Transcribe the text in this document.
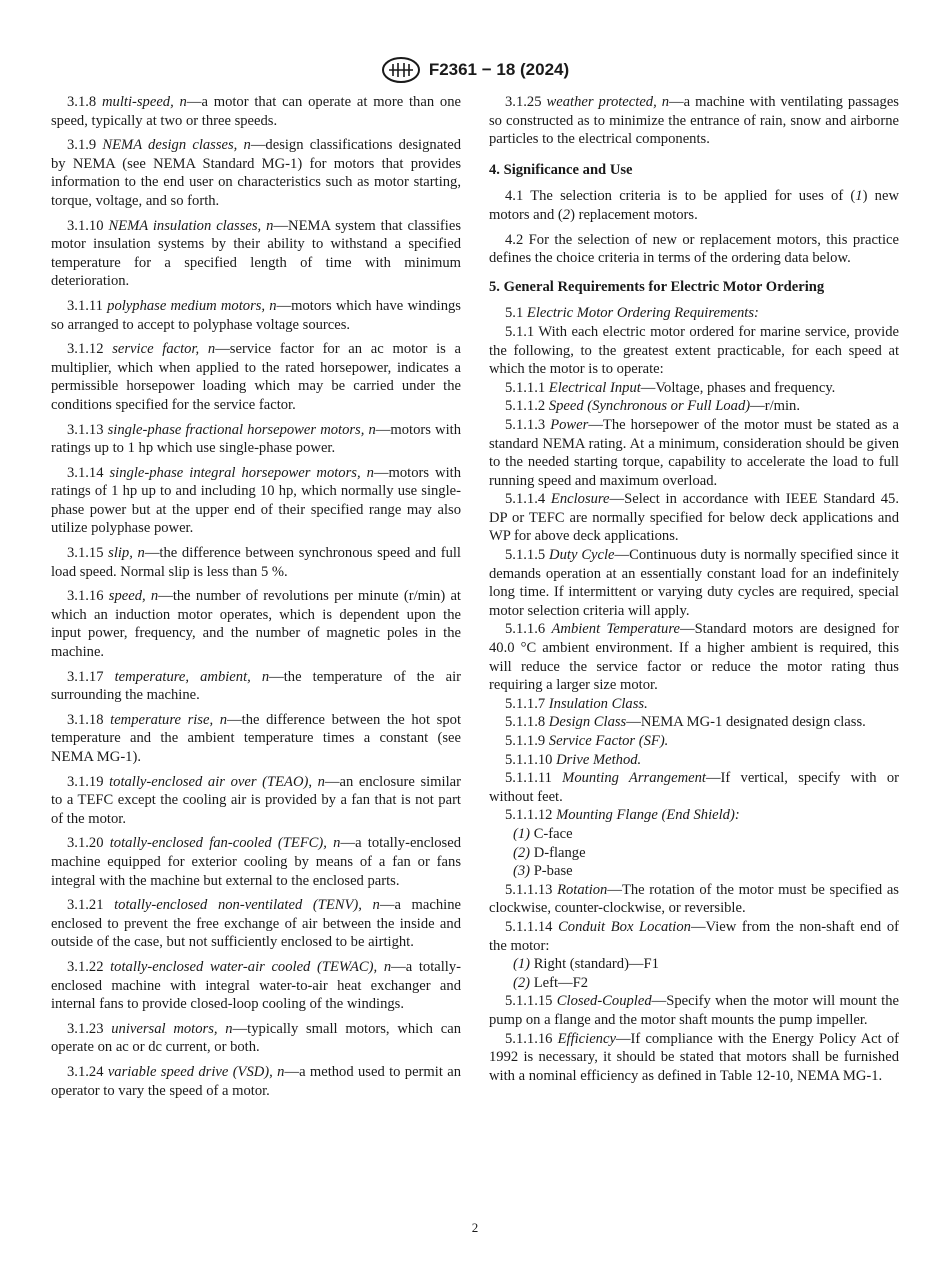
F2361 − 18 (2024)

3.1.8 multi-speed, n—a motor that can operate at more than one speed, typically at two or three speeds.

3.1.9 NEMA design classes, n—design classifications designated by NEMA (see NEMA Standard MG-1) for motors that provides information to the end user on characteristics such as motor starting, torque, voltage, and so forth.

3.1.10 NEMA insulation classes, n—NEMA system that classifies motor insulation systems by their ability to withstand a specified temperature for a specified length of time with minimum deterioration.

3.1.11 polyphase medium motors, n—motors which have windings so arranged to accept to polyphase voltage sources.

3.1.12 service factor, n—service factor for an ac motor is a multiplier, which when applied to the rated horsepower, indicates a permissible horsepower loading which may be carried under the conditions specified for the service factor.

3.1.13 single-phase fractional horsepower motors, n—motors with ratings up to 1 hp which use single-phase power.

3.1.14 single-phase integral horsepower motors, n—motors with ratings of 1 hp up to and including 10 hp, which normally use single-phase power but at the upper end of their specified range may also utilize polyphase power.

3.1.15 slip, n—the difference between synchronous speed and full load speed. Normal slip is less than 5 %.

3.1.16 speed, n—the number of revolutions per minute (r/min) at which an induction motor operates, which is dependent upon the input power, frequency, and the number of magnetic poles in the machine.

3.1.17 temperature, ambient, n—the temperature of the air surrounding the machine.

3.1.18 temperature rise, n—the difference between the hot spot temperature and the ambient temperature times a constant (see NEMA MG-1).

3.1.19 totally-enclosed air over (TEAO), n—an enclosure similar to a TEFC except the cooling air is provided by a fan that is not part of the motor.

3.1.20 totally-enclosed fan-cooled (TEFC), n—a totally-enclosed machine equipped for exterior cooling by means of a fan or fans integral with the machine but external to the enclosed parts.

3.1.21 totally-enclosed non-ventilated (TENV), n—a machine enclosed to prevent the free exchange of air between the inside and outside of the case, but not sufficiently enclosed to be airtight.

3.1.22 totally-enclosed water-air cooled (TEWAC), n—a totally-enclosed machine with integral water-to-air heat exchanger and internal fans to provide closed-loop cooling of the windings.

3.1.23 universal motors, n—typically small motors, which can operate on ac or dc current, or both.

3.1.24 variable speed drive (VSD), n—a method used to permit an operator to vary the speed of a motor.

3.1.25 weather protected, n—a machine with ventilating passages so constructed as to minimize the entrance of rain, snow and airborne particles to the electrical components.

4. Significance and Use

4.1 The selection criteria is to be applied for uses of (1) new motors and (2) replacement motors.

4.2 For the selection of new or replacement motors, this practice defines the choice criteria in terms of the ordering data below.

5. General Requirements for Electric Motor Ordering

5.1 Electric Motor Ordering Requirements:

5.1.1 With each electric motor ordered for marine service, provide the following, to the greatest extent practicable, for each speed at which the motor is to operate:

5.1.1.1 Electrical Input—Voltage, phases and frequency.

5.1.1.2 Speed (Synchronous or Full Load)—r/min.

5.1.1.3 Power—The horsepower of the motor must be stated as a standard NEMA rating. At a minimum, consideration should be given to the needed starting torque, capability to accelerate the load to full running speed and maximum overload.

5.1.1.4 Enclosure—Select in accordance with IEEE Standard 45. DP or TEFC are normally specified for below deck applications and WP for above deck applications.

5.1.1.5 Duty Cycle—Continuous duty is normally specified since it demands operation at an essentially constant load for an indefinitely long time. If intermittent or varying duty cycles are required, special motor selection criteria will apply.

5.1.1.6 Ambient Temperature—Standard motors are designed for 40.0 °C ambient environment. If a higher ambient is required, this will reduce the service factor or reduce the motor rating thus requiring a larger size motor.

5.1.1.7 Insulation Class.

5.1.1.8 Design Class—NEMA MG-1 designated design class.

5.1.1.9 Service Factor (SF).

5.1.1.10 Drive Method.

5.1.1.11 Mounting Arrangement—If vertical, specify with or without feet.

5.1.1.12 Mounting Flange (End Shield):

(1) C-face

(2) D-flange

(3) P-base

5.1.1.13 Rotation—The rotation of the motor must be specified as clockwise, counter-clockwise, or reversible.

5.1.1.14 Conduit Box Location—View from the non-shaft end of the motor:

(1) Right (standard)—F1

(2) Left—F2

5.1.1.15 Closed-Coupled—Specify when the motor will mount the pump on a flange and the motor shaft mounts the pump impeller.

5.1.1.16 Efficiency—If compliance with the Energy Policy Act of 1992 is necessary, it should be stated that motors shall be furnished with a nominal efficiency as defined in Table 12-10, NEMA MG-1.

2
